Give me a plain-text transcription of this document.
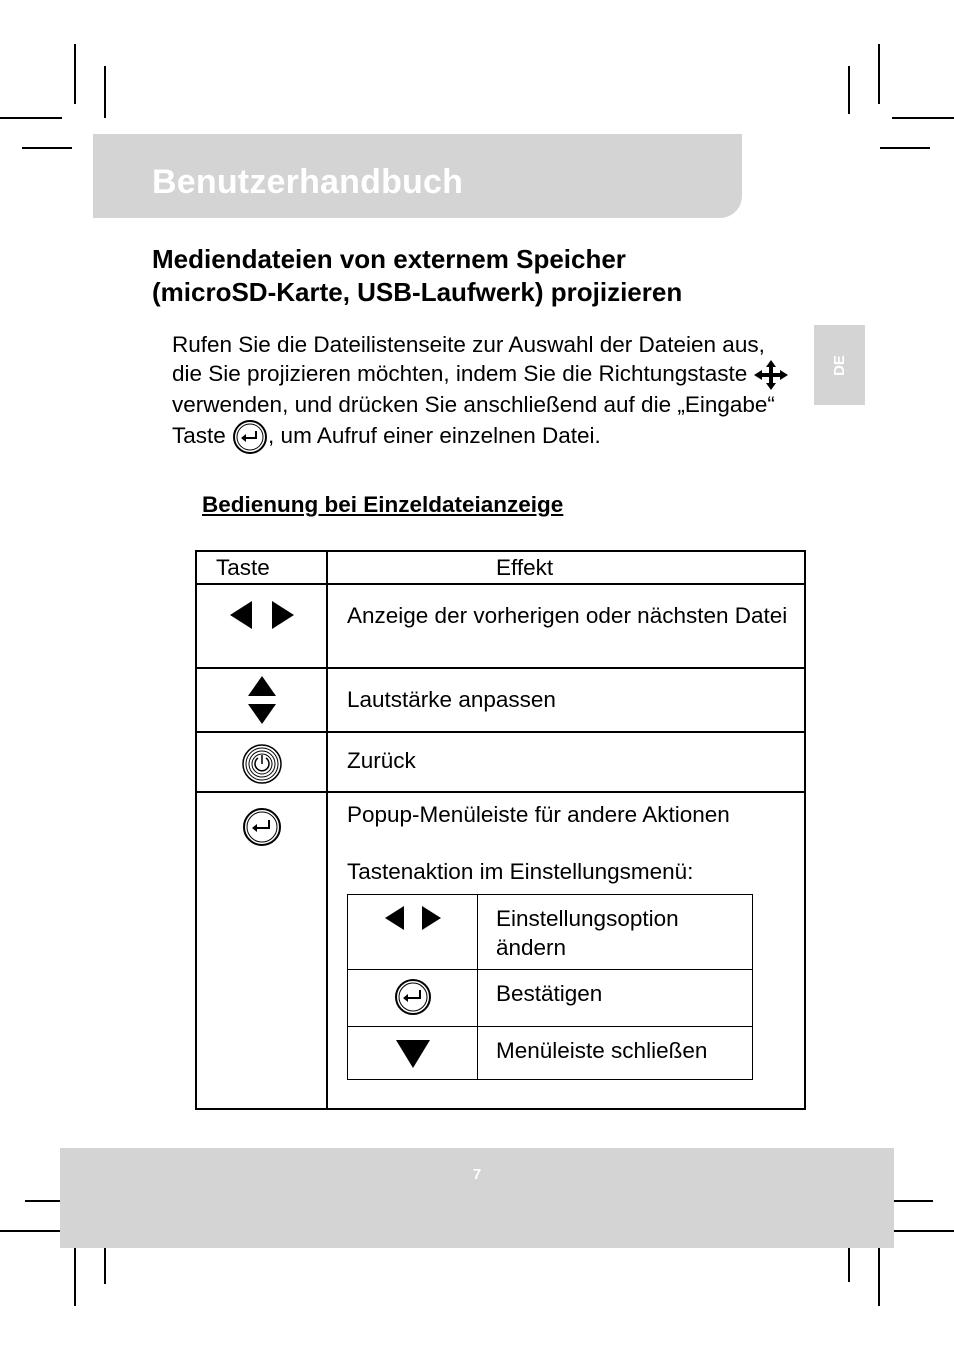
Benutzerhandbuch
DE
Mediendateien von externem Speicher
(microSD-Karte, USB-Laufwerk) projizieren

Rufen Sie die Dateilistenseite zur Auswahl der Dateien aus, die Sie projizieren möchten, indem Sie die Richtungstaste  verwenden, und drücken Sie anschließend auf die „Eingabe“ Taste , um Aufruf einer einzelnen Datei.

Bedienung bei Einzeldateianzeige
Taste	Effekt

Anzeige der vorherigen oder nächsten Datei

Lautstärke anpassen

Zurück

Popup-Menüleiste für andere Aktionen
Tastenaktion im Einstellungsmenü:

Einstellungsoption ändern

Bestätigen

Menüleiste schließen
7
